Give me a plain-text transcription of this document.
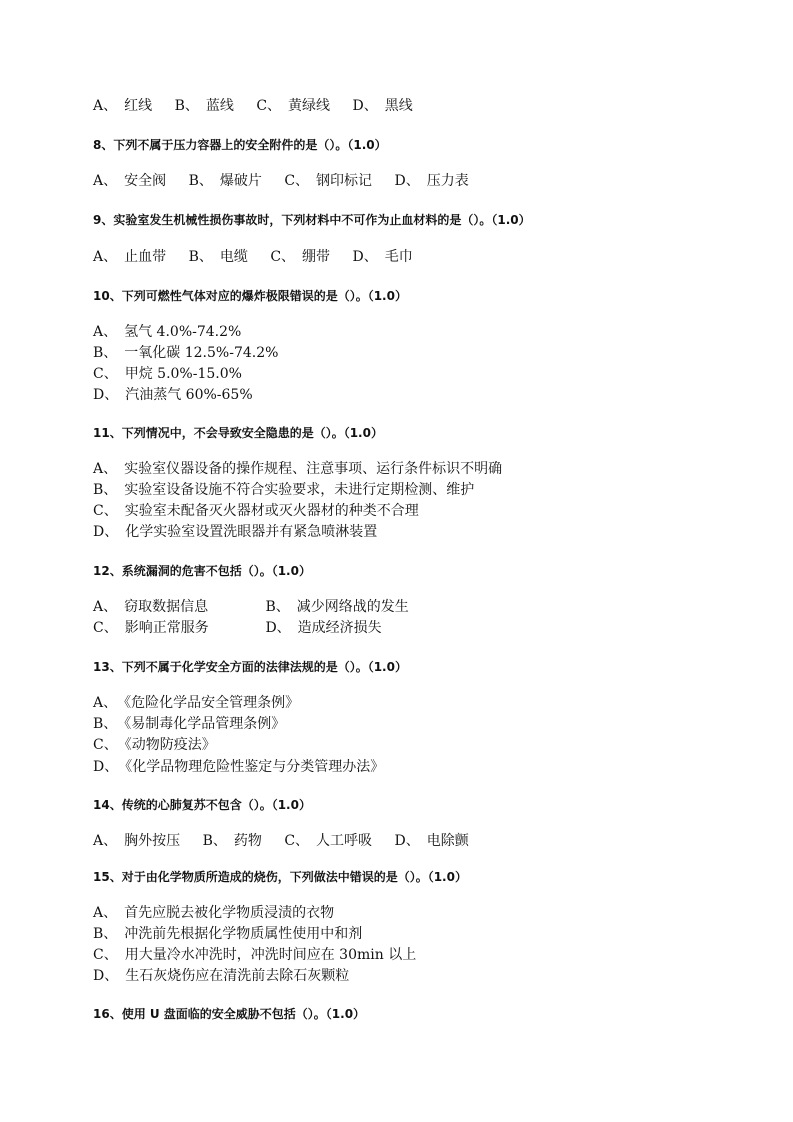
A、　红线 B、　蓝线 C、　黄绿线 D、　黑线
8、下列不属于压力容器上的安全附件的是（）。（1.0）
A、　安全阀 B、　爆破片 C、　钢印标记 D、　压力表
9、实验室发生机械性损伤事故时，下列材料中不可作为止血材料的是（）。（1.0）
A、　止血带 B、　电缆 C、　绷带 D、　毛巾
10、下列可燃性气体对应的爆炸极限错误的是（）。（1.0）
A、　氢气 4.0%-74.2%
B、　一氧化碳 12.5%-74.2%
C、　甲烷 5.0%-15.0%
D、　汽油蒸气 60%-65%
11、下列情况中，不会导致安全隐患的是（）。（1.0）
A、　实验室仪器设备的操作规程、注意事项、运行条件标识不明确
B、　实验室设备设施不符合实验要求，未进行定期检测、维护
C、　实验室未配备灭火器材或灭火器材的种类不合理
D、　化学实验室设置洗眼器并有紧急喷淋装置
12、系统漏洞的危害不包括（）。（1.0）
A、　窃取数据信息	B、　减少网络战的发生
C、　影响正常服务	D、　造成经济损失
13、下列不属于化学安全方面的法律法规的是（）。（1.0）
A、　《危险化学品安全管理条例》
B、　《易制毒化学品管理条例》
C、　《动物防疫法》
D、　《化学品物理危险性鉴定与分类管理办法》
14、传统的心肺复苏不包含（）。（1.0）
A、　胸外按压 B、　药物 C、　人工呼吸 D、　电除颤
15、对于由化学物质所造成的烧伤，下列做法中错误的是（）。（1.0）
A、　首先应脱去被化学物质浸渍的衣物
B、　冲洗前先根据化学物质属性使用中和剂
C、　用大量冷水冲洗时，冲洗时间应在 30min 以上
D、　生石灰烧伤应在清洗前去除石灰颗粒
16、使用 U 盘面临的安全威胁不包括（）。（1.0）
